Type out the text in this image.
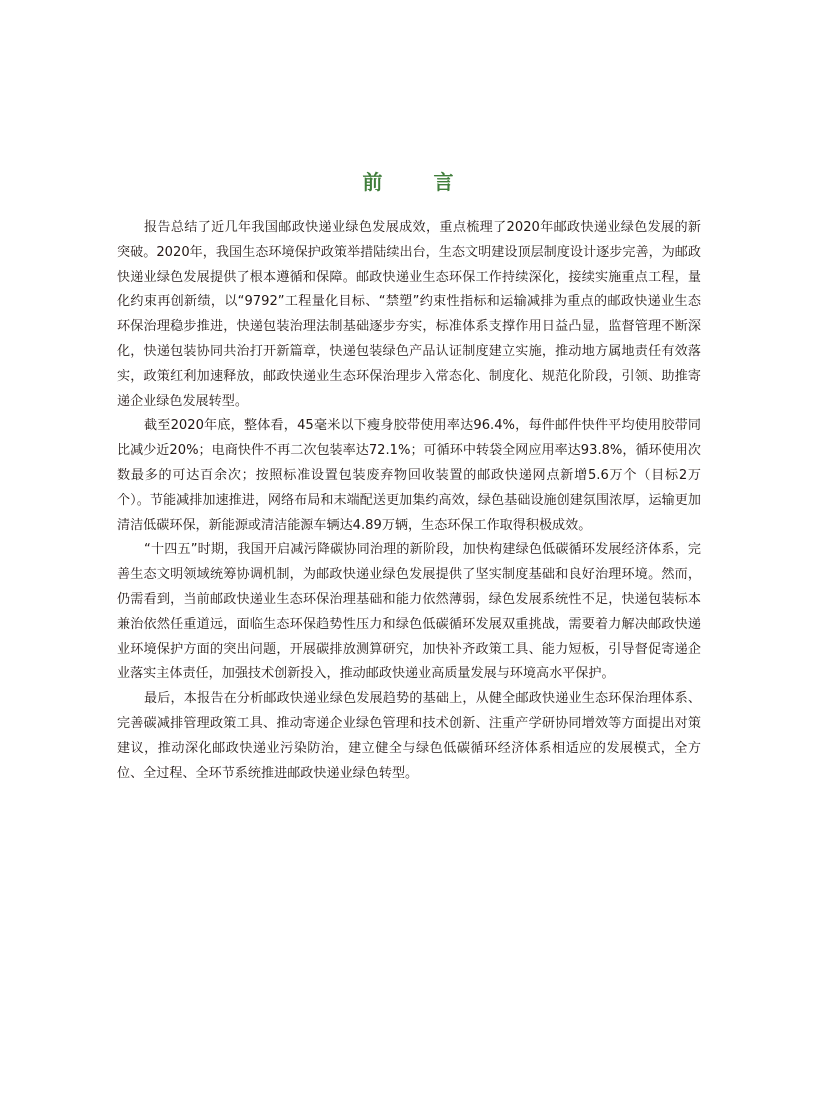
前 言

报告总结了近几年我国邮政快递业绿色发展成效，重点梳理了2020年邮政快递业绿色发展的新突破。2020年，我国生态环境保护政策举措陆续出台，生态文明建设顶层制度设计逐步完善，为邮政快递业绿色发展提供了根本遵循和保障。邮政快递业生态环保工作持续深化，接续实施重点工程，量化约束再创新绩，以“9792”工程量化目标、“禁塑”约束性指标和运输减排为重点的邮政快递业生态环保治理稳步推进，快递包装治理法制基础逐步夯实，标准体系支撑作用日益凸显，监督管理不断深化，快递包装协同共治打开新篇章，快递包装绿色产品认证制度建立实施，推动地方属地责任有效落实，政策红利加速释放，邮政快递业生态环保治理步入常态化、制度化、规范化阶段，引领、助推寄递企业绿色发展转型。

截至2020年底，整体看，45毫米以下瘦身胶带使用率达96.4%，每件邮件快件平均使用胶带同比减少近20%；电商快件不再二次包装率达72.1%；可循环中转袋全网应用率达93.8%，循环使用次数最多的可达百余次；按照标准设置包装废弃物回收装置的邮政快递网点新增5.6万个（目标2万个）。节能减排加速推进，网络布局和末端配送更加集约高效，绿色基础设施创建氛围浓厚，运输更加清洁低碳环保，新能源或清洁能源车辆达4.89万辆，生态环保工作取得积极成效。

“十四五”时期，我国开启减污降碳协同治理的新阶段，加快构建绿色低碳循环发展经济体系，完善生态文明领域统筹协调机制，为邮政快递业绿色发展提供了坚实制度基础和良好治理环境。然而，仍需看到，当前邮政快递业生态环保治理基础和能力依然薄弱，绿色发展系统性不足，快递包装标本兼治依然任重道远，面临生态环保趋势性压力和绿色低碳循环发展双重挑战，需要着力解决邮政快递业环境保护方面的突出问题，开展碳排放测算研究，加快补齐政策工具、能力短板，引导督促寄递企业落实主体责任，加强技术创新投入，推动邮政快递业高质量发展与环境高水平保护。

最后，本报告在分析邮政快递业绿色发展趋势的基础上，从健全邮政快递业生态环保治理体系、完善碳减排管理政策工具、推动寄递企业绿色管理和技术创新、注重产学研协同增效等方面提出对策建议，推动深化邮政快递业污染防治，建立健全与绿色低碳循环经济体系相适应的发展模式，全方位、全过程、全环节系统推进邮政快递业绿色转型。
